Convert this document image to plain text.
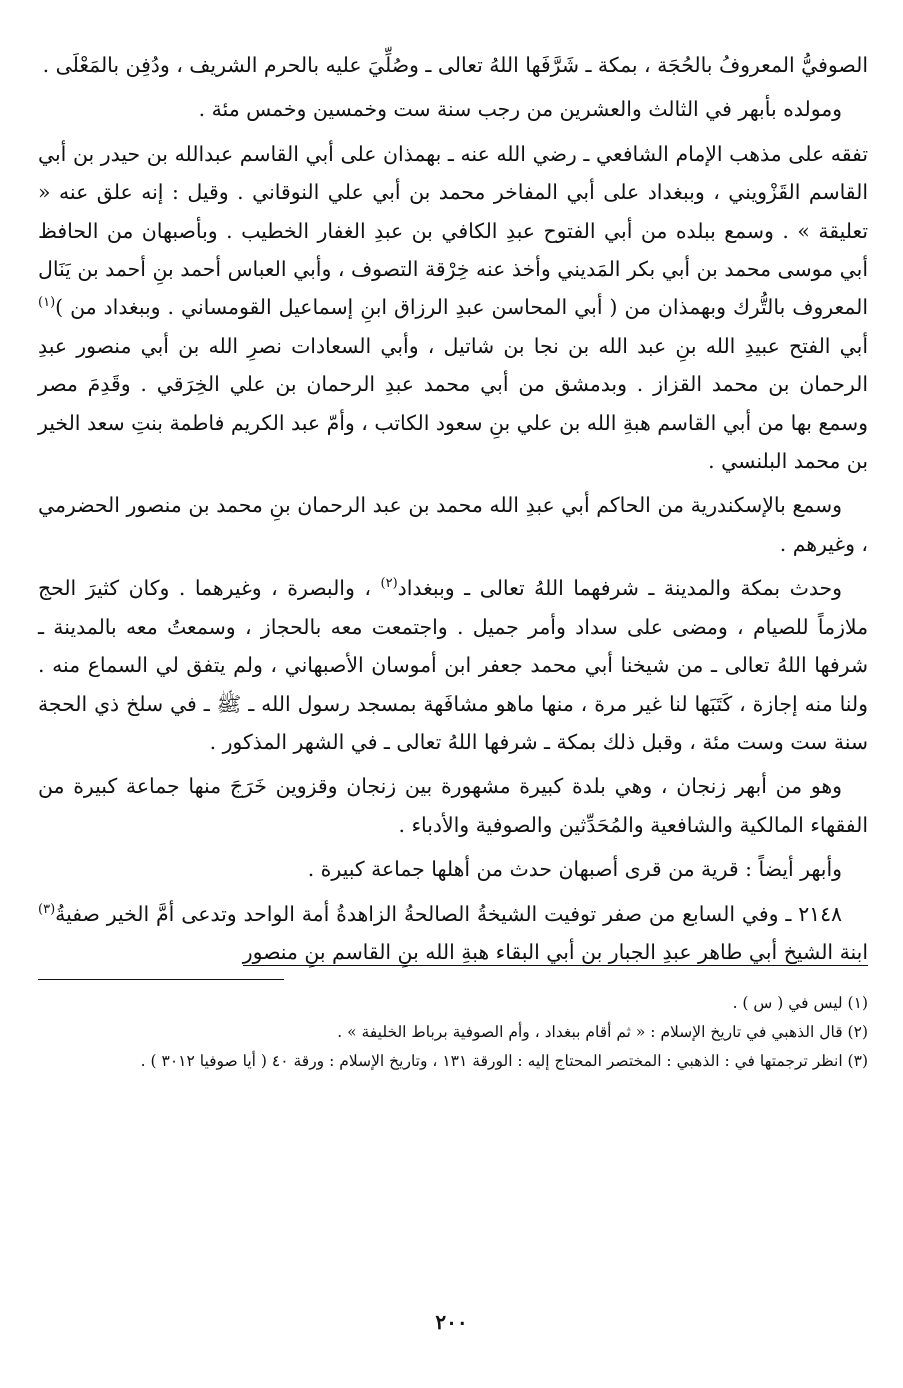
الصوفيُّ المعروفُ بالحُجَة ، بمكة ـ شَرَّفَها اللهُ تعالى ـ وصُلِّيَ عليه بالحرم الشريف ، ودُفِن بالمَعْلَى .

ومولده بأبهر في الثالث والعشرين من رجب سنة ست وخمسين وخمس مئة .

تفقه على مذهب الإمام الشافعي ـ رضي الله عنه ـ بهمذان على أبي القاسم عبدالله بن حيدر بن أبي القاسم القَزْويني ، وببغداد على أبي المفاخر محمد بن أبي علي النوقاني . وقيل : إنه علق عنه « تعليقة » . وسمع ببلده من أبي الفتوح عبدِ الكافي بن عبدِ الغفار الخطيب . وبأصبهان من الحافظ أبي موسى محمد بن أبي بكر المَديني وأخذ عنه خِرْقة التصوف ، وأبي العباس أحمد بنِ أحمد بن يَنَال المعروف بالتُّرك وبهمذان من ( أبي المحاسن عبدِ الرزاق ابنِ إسماعيل القومساني . وببغداد من )$^{(١)}$ أبي الفتح عبيدِ الله بنِ عبد الله بن نجا بن شاتيل ، وأبي السعادات نصرِ الله بن أبي منصور عبدِ الرحمان بن محمد القزاز . وبدمشق من أبي محمد عبدِ الرحمان بن علي الخِرَقي . وقَدِمَ مصر وسمع بها من أبي القاسم هبةِ الله بن علي بنِ سعود الكاتب ، وأمّ عبد الكريم فاطمة بنتِ سعد الخير بن محمد البلنسي .

وسمع بالإسكندرية من الحاكم أبي عبدِ الله محمد بن عبد الرحمان بنِ محمد بن منصور الحضرمي ، وغيرهم .

وحدث بمكة والمدينة ـ شرفهما اللهُ تعالى ـ وببغداد$^{(٢)}$ ، والبصرة ، وغيرهما . وكان كثيرَ الحج ملازماً للصيام ، ومضى على سداد وأمر جميل . واجتمعت معه بالحجاز ، وسمعتُ معه بالمدينة ـ شرفها اللهُ تعالى ـ من شيخنا أبي محمد جعفر ابن أموسان الأصبهاني ، ولم يتفق لي السماع منه . ولنا منه إجازة ، كَتَبَها لنا غير مرة ، منها ماهو مشافَهة بمسجد رسول الله ـ ﷺ ـ في سلخ ذي الحجة سنة ست وست مئة ، وقبل ذلك بمكة ـ شرفها اللهُ تعالى ـ في الشهر المذكور .

وهو من أبهر زنجان ، وهي بلدة كبيرة مشهورة بين زنجان وقزوين خَرَجَ منها جماعة كبيرة من الفقهاء المالكية والشافعية والمُحَدِّثين والصوفية والأدباء .

وأبهر أيضاً : قرية من قرى أصبهان حدث من أهلها جماعة كبيرة .

٢١٤٨ ـ وفي السابع من صفر توفيت الشيخةُ الصالحةُ الزاهدةُ أمة الواحد وتدعى أمَّ الخير صفيةُ$^{(٣)}$ ابنة الشيخ أبي طاهر عبدِ الجبار بن أبي البقاء هبةِ الله بنِ القاسم بنِ منصور

(١) ليس في ( س ) .

(٢) قال الذهبي في تاريخ الإسلام : « ثم أقام ببغداد ، وأم الصوفية برباط الخليفة » .

(٣) انظر ترجمتها في : الذهبي : المختصر المحتاج إليه : الورقة ١٣١ ، وتاريخ الإسلام : ورقة ٤٠ ( أيا صوفيا ٣٠١٢ ) .

٢٠٠
